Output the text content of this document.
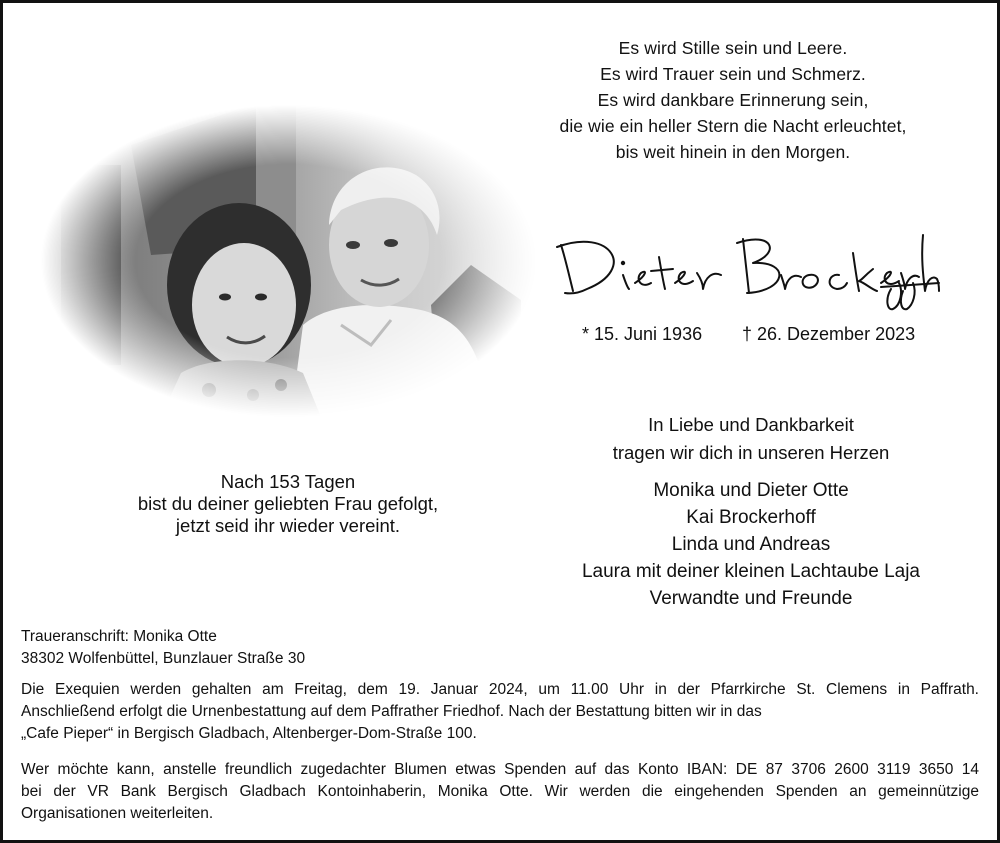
Es wird Stille sein und Leere.
Es wird Trauer sein und Schmerz.
Es wird dankbare Erinnerung sein,
die wie ein heller Stern die Nacht erleuchtet,
bis weit hinein in den Morgen.
* 15. Juni 1936 † 26. Dezember 2023
In Liebe und Dankbarkeit
tragen wir dich in unseren Herzen
Monika und Dieter Otte
Kai Brockerhoff
Linda und Andreas
Laura mit deiner kleinen Lachtaube Laja
Verwandte und Freunde
Nach 153 Tagen
bist du deiner geliebten Frau gefolgt,
jetzt seid ihr wieder vereint.
Traueranschrift: Monika Otte
38302 Wolfenbüttel, Bunzlauer Straße 30
Die Exequien werden gehalten am Freitag, dem 19. Januar 2024, um 11.00 Uhr in der Pfarrkirche St. Clemens in Paffrath.
Anschließend erfolgt die Urnenbestattung auf dem Paffrather Friedhof. Nach der Bestattung bitten wir in das
„Cafe Pieper“ in Bergisch Gladbach, Altenberger-Dom-Straße 100.
Wer möchte kann, anstelle freundlich zugedachter Blumen etwas Spenden auf das Konto IBAN: DE 87 3706 2600 3119 3650 14
bei der VR Bank Bergisch Gladbach Kontoinhaberin, Monika Otte. Wir werden die eingehenden Spenden an gemeinnützige
Organisationen weiterleiten.
